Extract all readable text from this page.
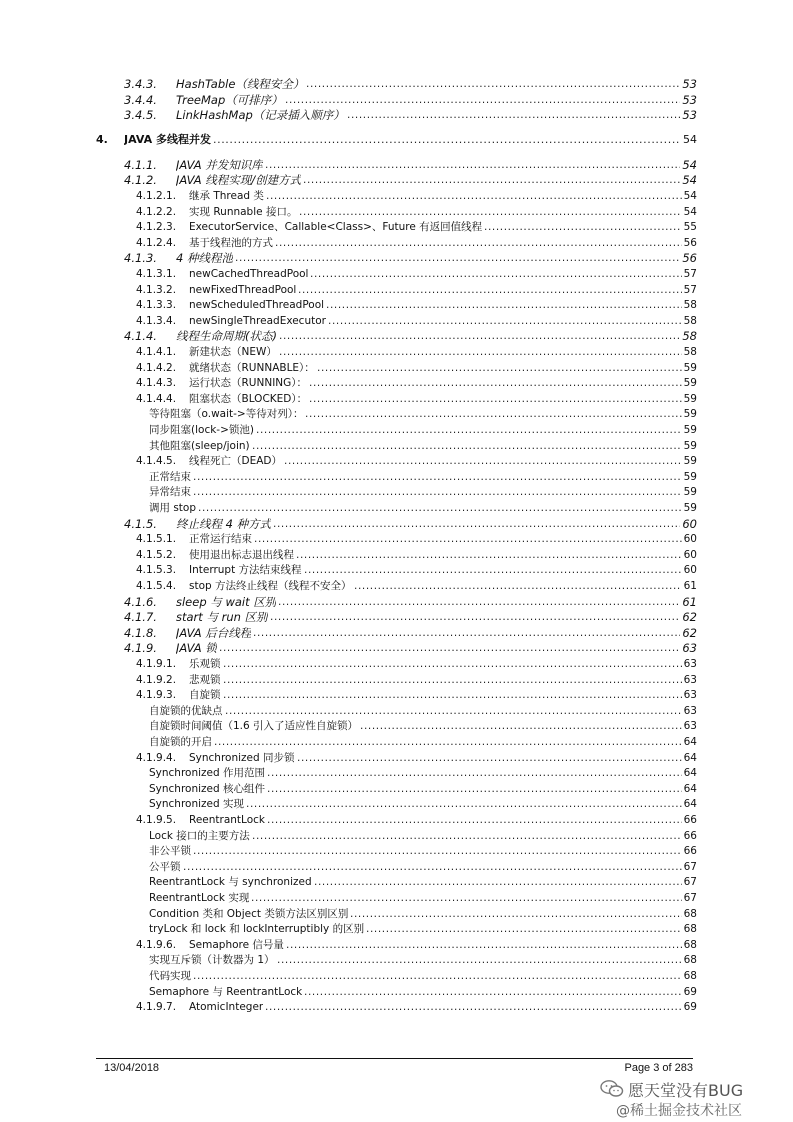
3.4.3. HashTable（线程安全） .....	53
3.4.4. TreeMap（可排序） .....	53
3.4.5. LinkHashMap（记录插入顺序） .....	53
4. JAVA 多线程并发 .....	54
4.1.1. JAVA 并发知识库 .....	54
4.1.2. JAVA 线程实现/创建方式 .....	54
4.1.2.1. 继承 Thread 类 .....	54
4.1.2.2. 实现 Runnable 接口。 .....	54
4.1.2.3. ExecutorService、Callable<Class>、Future 有返回值线程 .....	55
4.1.2.4. 基于线程池的方式 .....	56
4.1.3. 4 种线程池 .....	56
4.1.3.1. newCachedThreadPool .....	57
4.1.3.2. newFixedThreadPool .....	57
4.1.3.3. newScheduledThreadPool .....	58
4.1.3.4. newSingleThreadExecutor .....	58
4.1.4. 线程生命周期(状态) .....	58
4.1.4.1. 新建状态（NEW） .....	58
4.1.4.2. 就绪状态（RUNNABLE）： .....	59
4.1.4.3. 运行状态（RUNNING）： .....	59
4.1.4.4. 阻塞状态（BLOCKED）： .....	59
等待阻塞（o.wait->等待对列）： .....	59
同步阻塞(lock->锁池) .....	59
其他阻塞(sleep/join) .....	59
4.1.4.5. 线程死亡（DEAD） .....	59
正常结束 .....	59
异常结束 .....	59
调用 stop .....	59
4.1.5. 终止线程 4 种方式 .....	60
4.1.5.1. 正常运行结束 .....	60
4.1.5.2. 使用退出标志退出线程 .....	60
4.1.5.3. Interrupt 方法结束线程 .....	60
4.1.5.4. stop 方法终止线程（线程不安全） .....	61
4.1.6. sleep 与 wait 区别 .....	61
4.1.7. start 与 run 区别 .....	62
4.1.8. JAVA 后台线程 .....	62
4.1.9. JAVA 锁 .....	63
4.1.9.1. 乐观锁 .....	63
4.1.9.2. 悲观锁 .....	63
4.1.9.3. 自旋锁 .....	63
自旋锁的优缺点 .....	63
自旋锁时间阈值（1.6 引入了适应性自旋锁） .....	63
自旋锁的开启 .....	64
4.1.9.4. Synchronized 同步锁 .....	64
Synchronized 作用范围 .....	64
Synchronized 核心组件 .....	64
Synchronized 实现 .....	64
4.1.9.5. ReentrantLock .....	66
Lock 接口的主要方法 .....	66
非公平锁 .....	66
公平锁 .....	67
ReentrantLock 与 synchronized .....	67
ReentrantLock 实现 .....	67
Condition 类和 Object 类锁方法区别区别 .....	68
tryLock 和 lock 和 lockInterruptibly 的区别 .....	68
4.1.9.6. Semaphore 信号量 .....	68
实现互斥锁（计数器为 1） .....	68
代码实现 .....	68
Semaphore 与 ReentrantLock .....	69
4.1.9.7. AtomicInteger .....	69
13/04/2018	Page 3 of 283
愿天堂没有BUG
@稀土掘金技术社区
